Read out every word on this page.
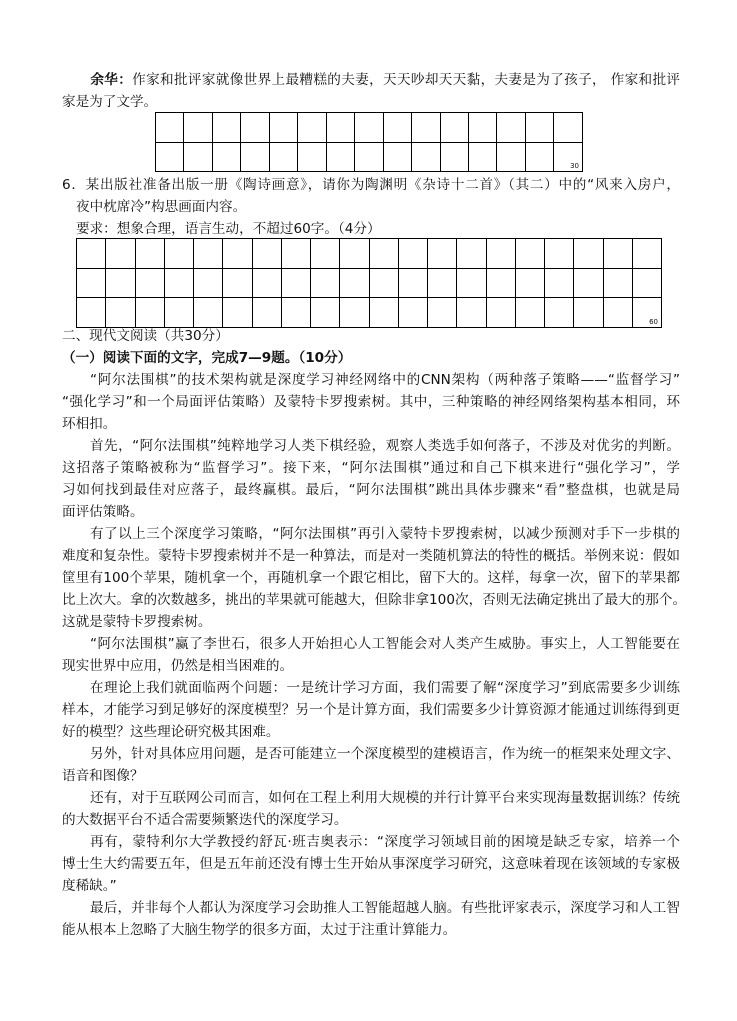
余华：作家和批评家就像世界上最糟糕的夫妻，天天吵却天天黏，夫妻是为了孩子， 作家和批评
家是为了文学。

														30
6．某出版社准备出版一册《陶诗画意》，请你为陶渊明《杂诗十二首》（其二）中的“风来入房户，
夜中枕席冷”构思画面内容。
要求：想象合理，语言生动，不超过60字。（4分）

																			60
二、现代文阅读（共30分）
（一）阅读下面的文字，完成7—9题。（10分）
“阿尔法围棋”的技术架构就是深度学习神经网络中的CNN架构（两种落子策略——“监督学习”
“强化学习”和一个局面评估策略）及蒙特卡罗搜索树。其中，三种策略的神经网络架构基本相同，环
环相扣。
首先，“阿尔法围棋”纯粹地学习人类下棋经验，观察人类选手如何落子，不涉及对优劣的判断。
这招落子策略被称为“监督学习”。接下来，“阿尔法围棋”通过和自己下棋来进行“强化学习”，学
习如何找到最佳对应落子，最终赢棋。最后，“阿尔法围棋”跳出具体步骤来“看”整盘棋，也就是局
面评估策略。
有了以上三个深度学习策略，“阿尔法围棋”再引入蒙特卡罗搜索树，以减少预测对手下一步棋的
难度和复杂性。蒙特卡罗搜索树并不是一种算法，而是对一类随机算法的特性的概括。举例来说：假如
筐里有100个苹果，随机拿一个，再随机拿一个跟它相比，留下大的。这样，每拿一次，留下的苹果都
比上次大。拿的次数越多，挑出的苹果就可能越大，但除非拿100次，否则无法确定挑出了最大的那个。
这就是蒙特卡罗搜索树。
“阿尔法围棋”赢了李世石，很多人开始担心人工智能会对人类产生威胁。事实上，人工智能要在
现实世界中应用，仍然是相当困难的。
在理论上我们就面临两个问题：一是统计学习方面，我们需要了解“深度学习”到底需要多少训练
样本，才能学习到足够好的深度模型？另一个是计算方面，我们需要多少计算资源才能通过训练得到更
好的模型？这些理论研究极其困难。
另外，针对具体应用问题，是否可能建立一个深度模型的建模语言，作为统一的框架来处理文字、
语音和图像？
还有，对于互联网公司而言，如何在工程上利用大规模的并行计算平台来实现海量数据训练？传统
的大数据平台不适合需要频繁迭代的深度学习。
再有，蒙特利尔大学教授约舒瓦·班吉奥表示：“深度学习领域目前的困境是缺乏专家，培养一个
博士生大约需要五年，但是五年前还没有博士生开始从事深度学习研究，这意味着现在该领域的专家极
度稀缺。”
最后，并非每个人都认为深度学习会助推人工智能超越人脑。有些批评家表示，深度学习和人工智
能从根本上忽略了大脑生物学的很多方面，太过于注重计算能力。
